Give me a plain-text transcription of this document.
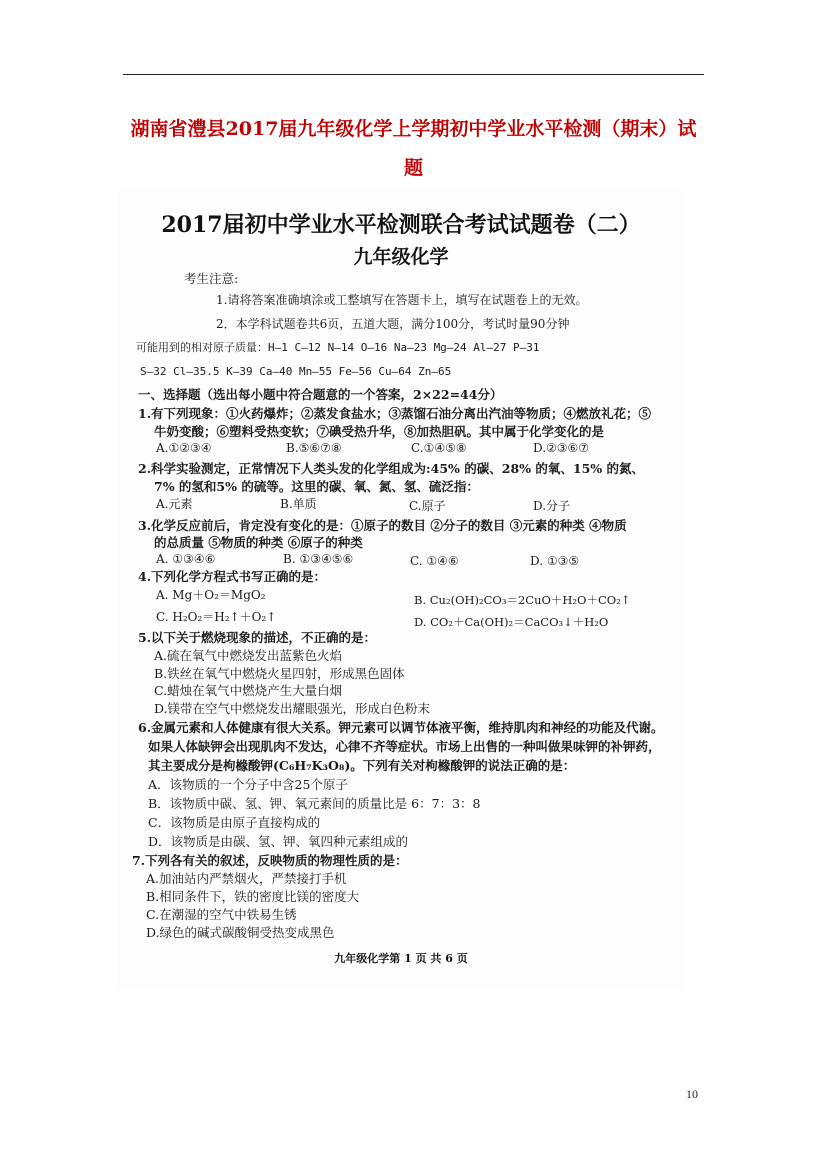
湖南省澧县2017届九年级化学上学期初中学业水平检测（期末）试
题
2017届初中学业水平检测联合考试试题卷（二）
九年级化学
考生注意:
1.请将答案准确填涂或工整填写在答题卡上，填写在试题卷上的无效。
2．本学科试题卷共6页，五道大题，满分100分，考试时量90分钟
可能用到的相对原子质量：H—1 C—12 N—14 O—16 Na—23 Mg—24 Al—27 P—31
S—32 Cl—35.5 K—39 Ca—40 Mn—55 Fe—56 Cu—64 Zn—65
一、选择题（选出每小题中符合题意的一个答案，2×22=44分）
1.有下列现象：①火药爆炸；②蒸发食盐水；③蒸馏石油分离出汽油等物质；④燃放礼花；⑤
牛奶变酸；⑥塑料受热变软；⑦碘受热升华，⑧加热胆矾。其中属于化学变化的是
A.①②③④	B.⑤⑥⑦⑧	C.①④⑤⑧	D.②③⑥⑦
2.科学实验测定，正常情况下人类头发的化学组成为:45% 的碳、28% 的氧、15% 的氮、
7% 的氢和5% 的硫等。这里的碳、氧、氮、氢、硫泛指：
A.元素	B.单质	C.原子	D.分子
3.化学反应前后，肯定没有变化的是：①原子的数目 ②分子的数目 ③元素的种类 ④物质
的总质量 ⑤物质的种类 ⑥原子的种类
A. ①③④⑥	B. ①③④⑤⑥	C. ①④⑥	D. ①③⑤
4.下列化学方程式书写正确的是：
A. Mg＋O₂＝MgO₂	B. Cu₂(OH)₂CO₃＝2CuO＋H₂O＋CO₂↑
C. H₂O₂＝H₂↑＋O₂↑	D. CO₂＋Ca(OH)₂＝CaCO₃↓＋H₂O
5.以下关于燃烧现象的描述，不正确的是：
A.硫在氧气中燃烧发出蓝紫色火焰
B.铁丝在氧气中燃烧火星四射，形成黑色固体
C.蜡烛在氧气中燃烧产生大量白烟
D.镁带在空气中燃烧发出耀眼强光，形成白色粉末
6.金属元素和人体健康有很大关系。钾元素可以调节体液平衡，维持肌肉和神经的功能及代谢。
如果人体缺钾会出现肌肉不发达，心律不齐等症状。市场上出售的一种叫做果味钾的补钾药，
其主要成分是枸橼酸钾(C₆H₇K₃O₈)。下列有关对枸橼酸钾的说法正确的是：
A．该物质的一个分子中含25个原子
B．该物质中碳、氢、钾、氧元素间的质量比是 6：7：3：8
C．该物质是由原子直接构成的
D．该物质是由碳、氢、钾、氧四种元素组成的
7.下列各有关的叙述，反映物质的物理性质的是：
A.加油站内严禁烟火，严禁接打手机
B.相同条件下，铁的密度比镁的密度大
C.在潮湿的空气中铁易生锈
D.绿色的碱式碳酸铜受热变成黑色
九年级化学第 1 页 共 6 页
10
